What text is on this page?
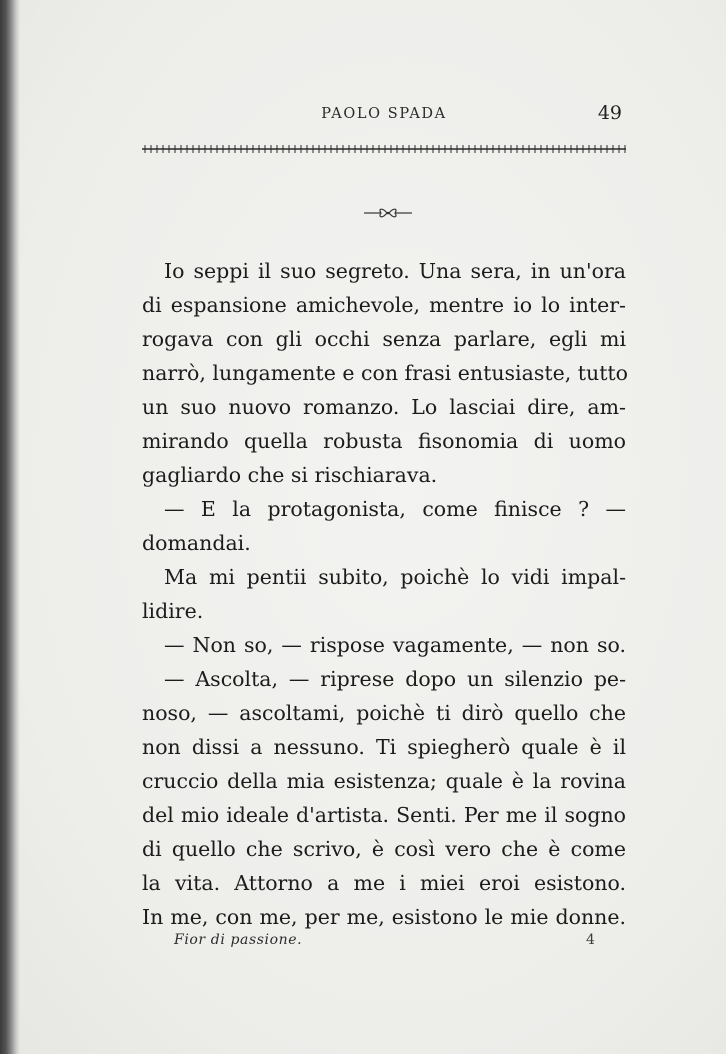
PAOLO SPADA	49
Io seppi il suo segreto. Una sera, in un'ora
di espansione amichevole, mentre io lo inter-
rogava con gli occhi senza parlare, egli mi
narrò, lungamente e con frasi entusiaste, tutto
un suo nuovo romanzo. Lo lasciai dire, am-
mirando quella robusta fisonomia di uomo
gagliardo che si rischiarava.
— E la protagonista, come finisce ? —
domandai.
Ma mi pentii subito, poichè lo vidi impal-
lidire.
— Non so, — rispose vagamente, — non so.
— Ascolta, — riprese dopo un silenzio pe-
noso, — ascoltami, poichè ti dirò quello che
non dissi a nessuno. Ti spiegherò quale è il
cruccio della mia esistenza; quale è la rovina
del mio ideale d'artista. Senti. Per me il sogno
di quello che scrivo, è così vero che è come
la vita. Attorno a me i miei eroi esistono.
In me, con me, per me, esistono le mie donne.
Fior di passione.	4
